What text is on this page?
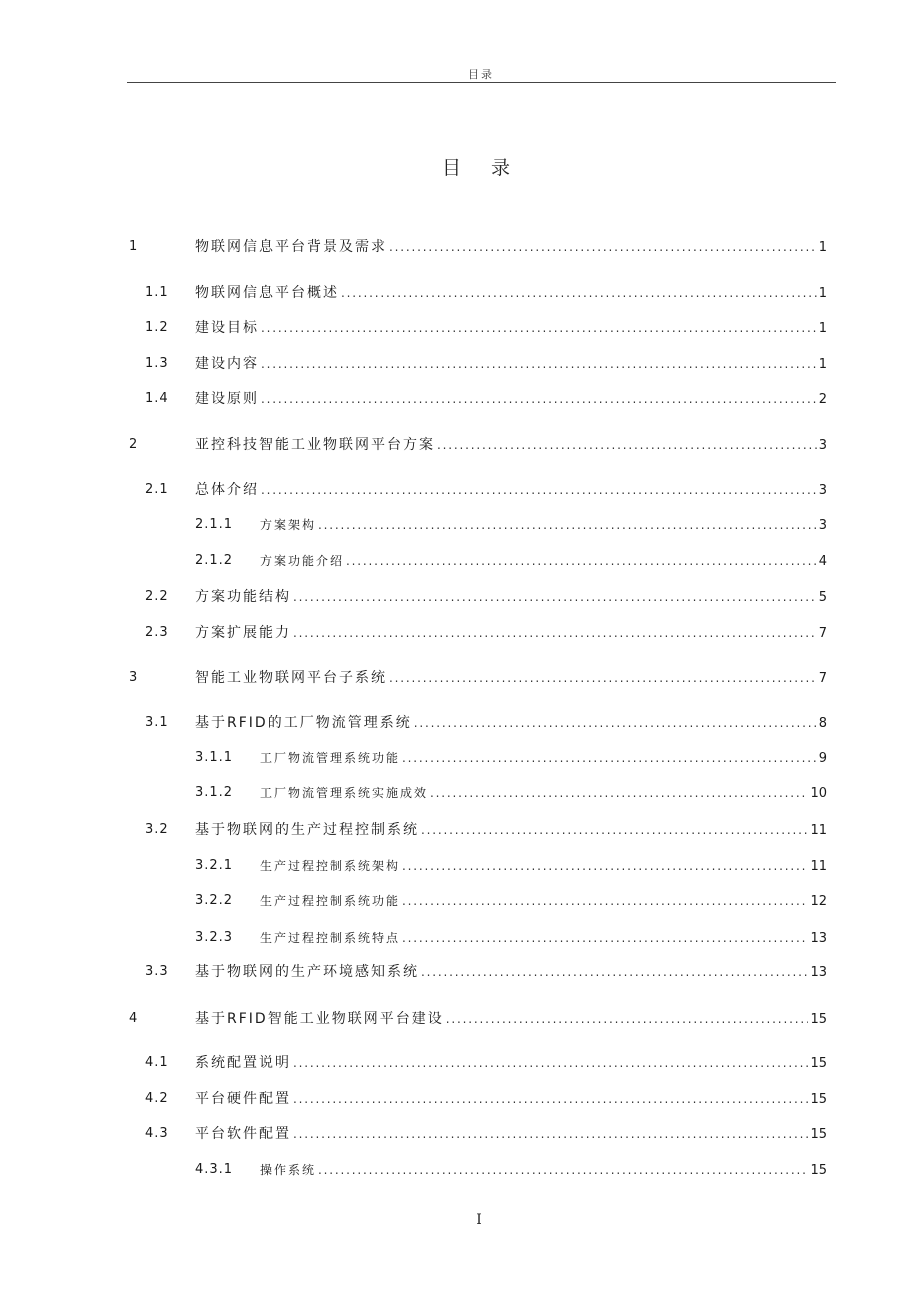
目录
目 录
1	物联网信息平台背景及需求 . . .	1
1.1 物联网信息平台概述 . . .	1
1.2 建设目标 . . .	1
1.3 建设内容 . . .	1
1.4 建设原则 . . .	2
2	亚控科技智能工业物联网平台方案 . . .	3
2.1 总体介绍 . . .	3
2.1.1 方案架构 . . .	3
2.1.2 方案功能介绍 . . .	4
2.2 方案功能结构 . . .	5
2.3 方案扩展能力 . . .	7
3	智能工业物联网平台子系统 . . .	7
3.1 基于RFID的工厂物流管理系统 . . .	8
3.1.1 工厂物流管理系统功能 . . .	9
3.1.2 工厂物流管理系统实施成效 . . .	10
3.2 基于物联网的生产过程控制系统 . . .	11
3.2.1 生产过程控制系统架构 . . .	11
3.2.2 生产过程控制系统功能 . . .	12
3.2.3 生产过程控制系统特点 . . .	13
3.3 基于物联网的生产环境感知系统 . . .	13
4	基于RFID智能工业物联网平台建设 . . .	15
4.1 系统配置说明 . . .	15
4.2 平台硬件配置 . . .	15
4.3 平台软件配置 . . .	15
4.3.1 操作系统 . . .	15
I
